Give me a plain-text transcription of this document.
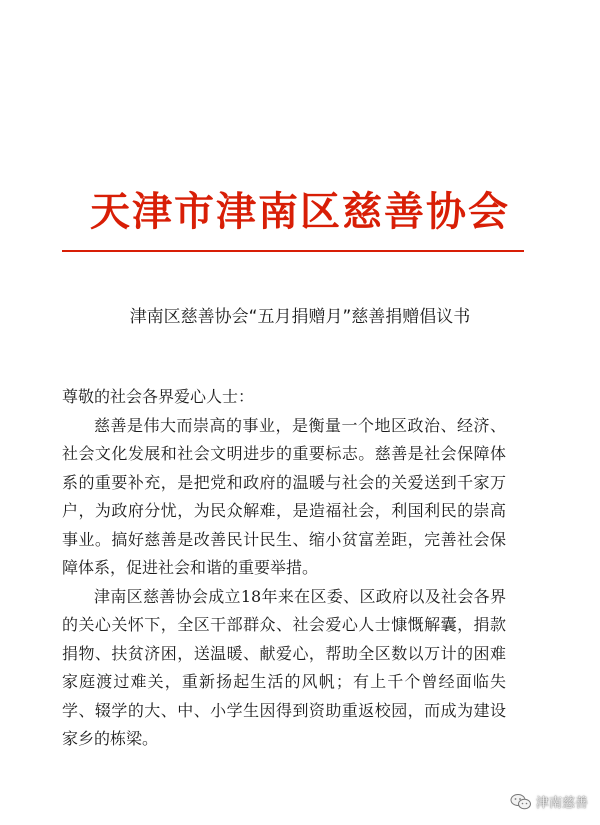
天津市津南区慈善协会
津南区慈善协会“五月捐赠月”慈善捐赠倡议书

尊敬的社会各界爱心人士：

慈善是伟大而崇高的事业，是衡量一个地区政治、经济、社会文化发展和社会文明进步的重要标志。慈善是社会保障体系的重要补充，是把党和政府的温暖与社会的关爱送到千家万户，为政府分忧，为民众解难，是造福社会，利国利民的崇高事业。搞好慈善是改善民计民生、缩小贫富差距，完善社会保障体系，促进社会和谐的重要举措。

津南区慈善协会成立18年来在区委、区政府以及社会各界的关心关怀下，全区干部群众、社会爱心人士慷慨解囊，捐款捐物、扶贫济困，送温暖、献爱心，帮助全区数以万计的困难家庭渡过难关，重新扬起生活的风帆；有上千个曾经面临失学、辍学的大、中、小学生因得到资助重返校园，而成为建设家乡的栋梁。

津南慈善
